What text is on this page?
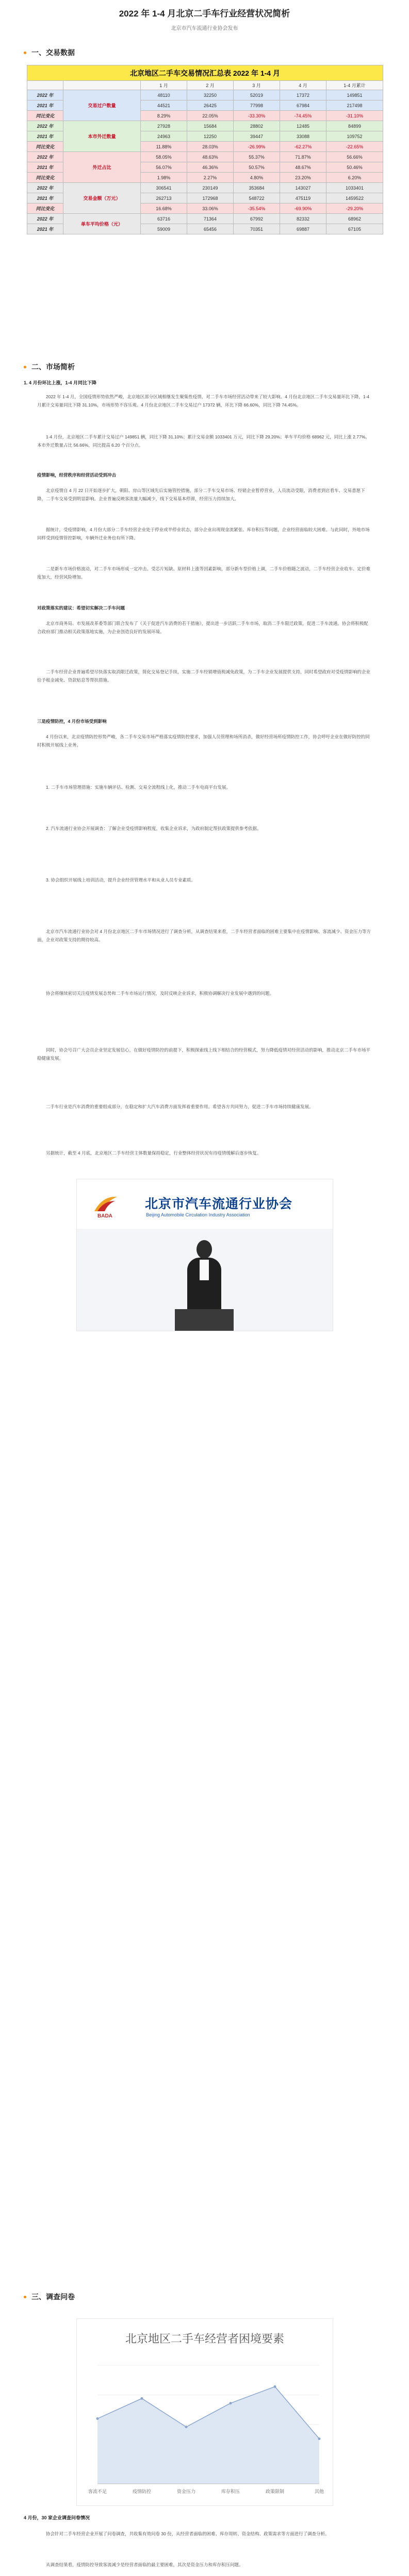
2022 年 1-4 月北京二手车行业经营状况简析
北京市汽车流通行业协会发布
一、交易数据
北京地区二手车交易情况汇总表 2022 年 1-4 月						
		1 月	2 月	3 月	4 月	1-4 月累计
2022 年	交易过户数量	48110	32250	52019	17372	149851
2021 年		44521	26425	77998	67984	217498
同比变化		8.29%	22.05%	-33.30%	-74.45%	-31.10%
2022 年	本市外迁数量	27928	15684	28802	12485	84899
2021 年		24963	12250	39447	33088	109752
同比变化		11.88%	28.03%	-26.99%	-62.27%	-22.65%
2022 年	外迁占比	58.05%	48.63%	55.37%	71.87%	56.66%
2021 年		56.07%	46.36%	50.57%	48.67%	50.46%
同比变化		1.98%	2.27%	4.80%	23.20%	6.20%
2022 年	交易金额（万元）	306541	230149	353684	143027	1033401
2021 年		262713	172968	548722	475119	1459522
同比变化		16.68%	33.06%	-35.54%	-69.90%	-29.20%
2022 年	单车平均价格（元）	63716	71364	67992	82332	68962
2021 年		59009	65456	70351	69887	67105
二、市场简析
1. 4 月份环比上涨，1-4 月同比下降
2022 年 1-4 月，全国疫情形势依然严峻，北京地区部分区域相继发生聚集性疫情，对二手车市场经营活动带来了较大影响。4 月份北京地区二手车交易量环比下降，1-4 月累计交易量同比下降 31.10%，市场形势不容乐观。4 月份北京地区二手车交易过户 17372 辆，环比下降 66.60%，同比下降 74.45%。
1-4 月份，北京地区二手车累计交易过户 149851 辆，同比下降 31.10%；累计交易金额 1033401 万元，同比下降 29.20%；单车平均价格 68962 元，同比上涨 2.77%。本市外迁数量占比 56.66%，同比提高 6.20 个百分点。
疫情影响，经营秩序和经营活动受到冲击
北京疫情自 4 月 22 日开始逐步扩大，朝阳、房山等区域先后实施管控措施，部分二手车交易市场、经销企业暂停营业，人员流动受限，消费者到店看车、交易意愿下降，二手车交易受到明显影响。企业普遍反映客流量大幅减少，线下交易基本停滞，经营压力持续加大。
据统计，受疫情影响，4 月份大部分二手车经营企业处于停业或半停业状态，部分企业出现现金流紧张、库存积压等问题，企业经营面临较大困难。与此同时，外地市场同样受到疫情管控影响，车辆外迁业务也有所下降。
二是新车市场价格波动，对二手车市场形成一定冲击。受芯片短缺、原材料上涨等因素影响，部分新车型价格上调，二手车价格随之波动，二手车经营企业收车、定价难度加大，经营风险增加。
对政策落实的建议：希望切实解决二手车问题
北京市商务局、市发展改革委等部门联合发布了《关于促进汽车消费的若干措施》，提出进一步活跃二手车市场，取消二手车限迁政策，促进二手车流通。协会将积极配合政府部门推动相关政策落地实施，为企业创造良好的发展环境。
二手车经营企业普遍希望尽快落实取消限迁政策，简化交易登记手续，实施二手车经销增值税减免政策，为二手车企业发展提供支持，同时希望政府对受疫情影响的企业给予租金减免、贷款贴息等帮扶措施。
三是疫情防控，4 月份市场受到影响
4 月份以来，北京疫情防控形势严峻，各二手车交易市场严格落实疫情防控要求，加强人员管理和场所消杀，做好经营场所疫情防控工作，协会呼吁企业在做好防控的同时积极开展线上业务。
1. 二手车市场管理措施：实施车辆评估、检测、交易全流程线上化，推动二手车电商平台发展。
2. 汽车流通行业协会开展调查：了解企业受疫情影响程度，收集企业诉求，为政府制定帮扶政策提供参考依据。
3. 协会组织开展线上培训活动，提升企业经营管理水平和从业人员专业素质。
北京市汽车流通行业协会对 4 月份北京地区二手车市场情况进行了调查分析，从调查结果来看，二手车经营者面临的困难主要集中在疫情影响、客流减少、资金压力等方面，企业对政策支持的期待较高。
协会将继续密切关注疫情发展态势和二手车市场运行情况，及时反映企业诉求，积极协调解决行业发展中遇到的问题。
同时，协会号召广大会员企业坚定发展信心，在做好疫情防控的前提下，积极探索线上线下相结合的经营模式，努力降低疫情对经营活动的影响，推动北京二手车市场平稳健康发展。
二手车行业是汽车消费的重要组成部分，在稳定和扩大汽车消费方面发挥着重要作用。希望各方共同努力，促进二手车市场持续健康发展。
另据统计，截至 4 月底，北京地区二手车经营主体数量保持稳定，行业整体经营状况有待疫情缓解后逐步恢复。
BADA
北京市汽车流通行业协会
Beijing Automobile Circulation Industry Association
三、调查问卷
北京地区二手车经营者困境要素
客流不足	疫情防控	资金压力	库存积压	政策限制	其他
4 月份，30 家企业调查问卷情况
协会针对二手车经营企业开展了问卷调查，共收集有效问卷 30 份，从经营者面临的困难、库存周转、资金结构、政策需求等方面进行了调查分析。
从调查结果看，疫情防控导致客流减少是经营者面临的最主要困难，其次是资金压力和库存积压问题。
